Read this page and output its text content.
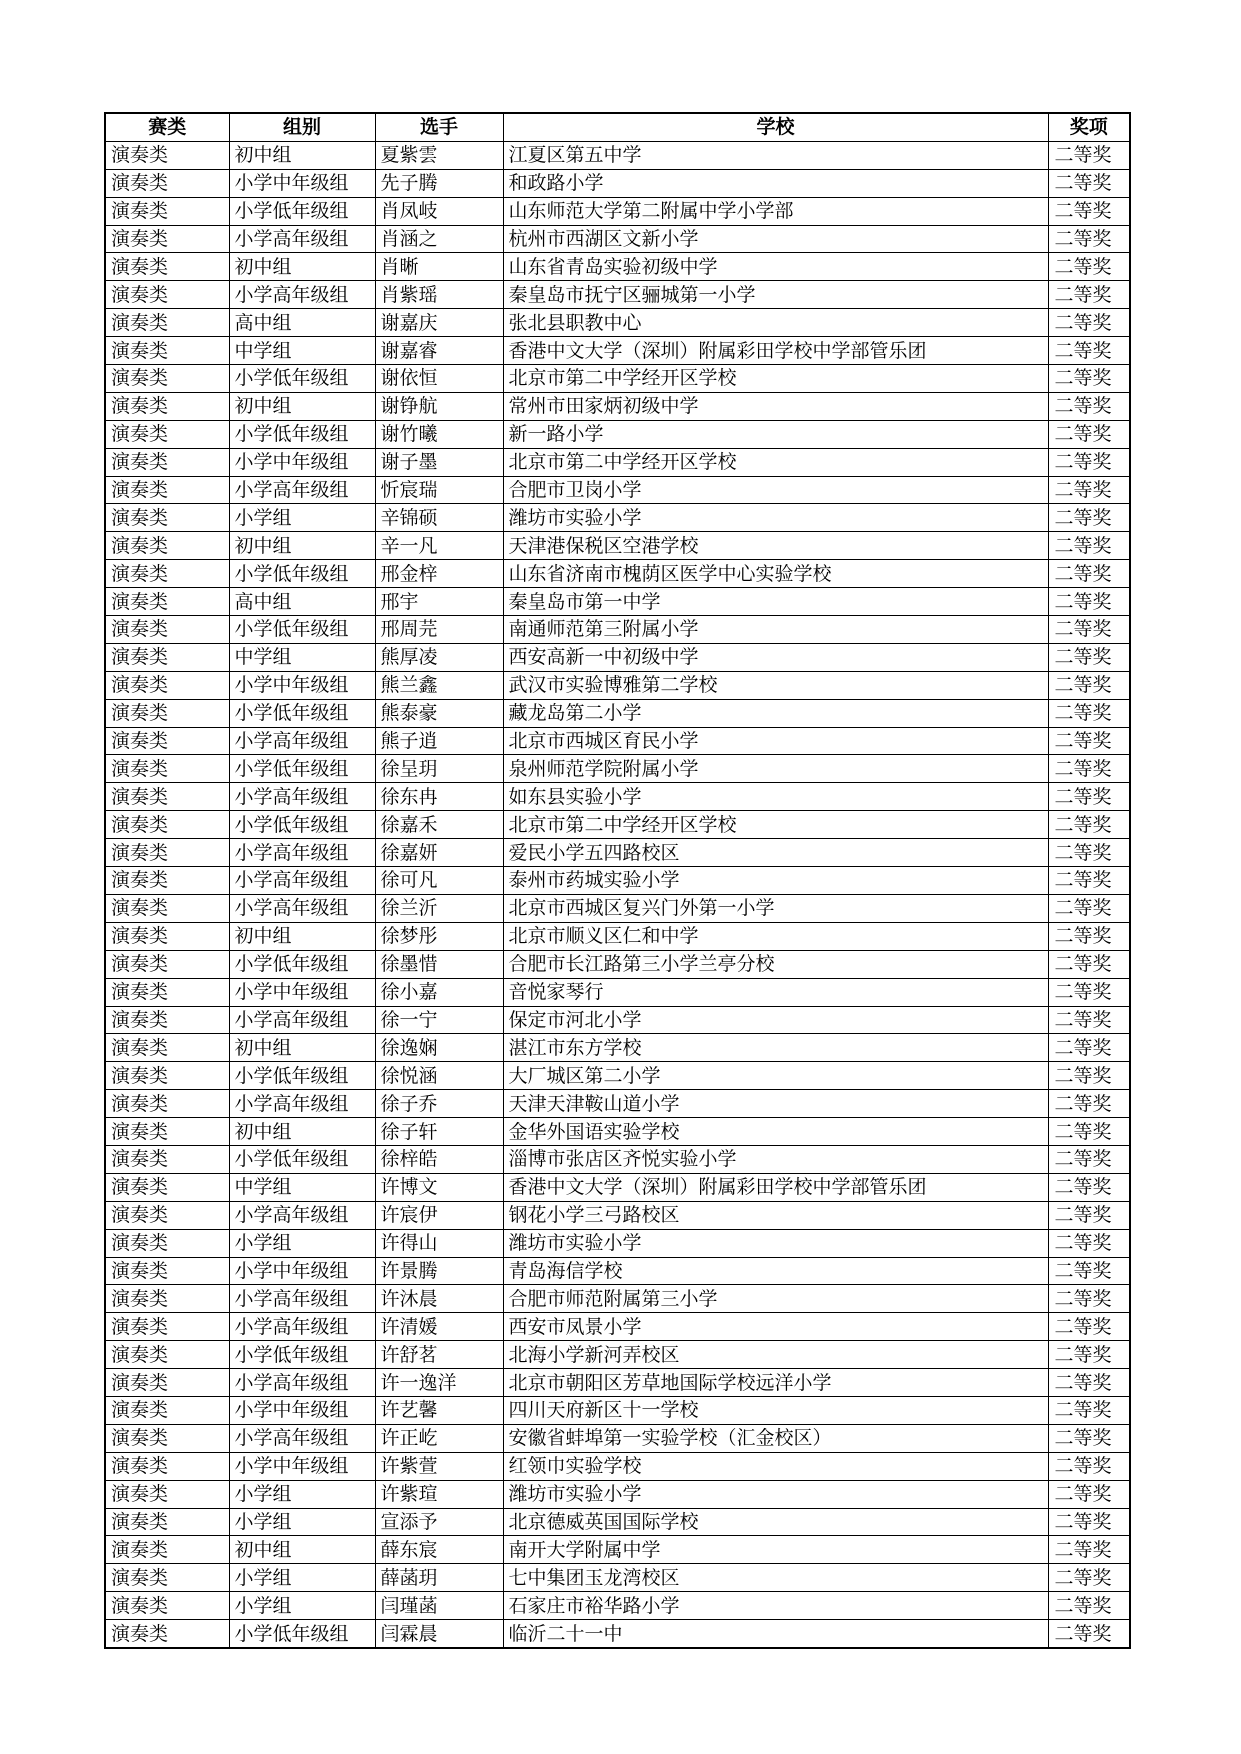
赛类	组别	选手	学校	奖项
演奏类	初中组	夏紫雲	江夏区第五中学	二等奖
演奏类	小学中年级组	先子腾	和政路小学	二等奖
演奏类	小学低年级组	肖凤岐	山东师范大学第二附属中学小学部	二等奖
演奏类	小学高年级组	肖涵之	杭州市西湖区文新小学	二等奖
演奏类	初中组	肖晰	山东省青岛实验初级中学	二等奖
演奏类	小学高年级组	肖紫瑶	秦皇岛市抚宁区骊城第一小学	二等奖
演奏类	高中组	谢嘉庆	张北县职教中心	二等奖
演奏类	中学组	谢嘉睿	香港中文大学（深圳）附属彩田学校中学部管乐团	二等奖
演奏类	小学低年级组	谢依恒	北京市第二中学经开区学校	二等奖
演奏类	初中组	谢铮航	常州市田家炳初级中学	二等奖
演奏类	小学低年级组	谢竹曦	新一路小学	二等奖
演奏类	小学中年级组	谢子墨	北京市第二中学经开区学校	二等奖
演奏类	小学高年级组	忻宸瑞	合肥市卫岗小学	二等奖
演奏类	小学组	辛锦硕	潍坊市实验小学	二等奖
演奏类	初中组	辛一凡	天津港保税区空港学校	二等奖
演奏类	小学低年级组	邢金梓	山东省济南市槐荫区医学中心实验学校	二等奖
演奏类	高中组	邢宇	秦皇岛市第一中学	二等奖
演奏类	小学低年级组	邢周芫	南通师范第三附属小学	二等奖
演奏类	中学组	熊厚凌	西安高新一中初级中学	二等奖
演奏类	小学中年级组	熊兰鑫	武汉市实验博雅第二学校	二等奖
演奏类	小学低年级组	熊泰豪	藏龙岛第二小学	二等奖
演奏类	小学高年级组	熊子逍	北京市西城区育民小学	二等奖
演奏类	小学低年级组	徐呈玥	泉州师范学院附属小学	二等奖
演奏类	小学高年级组	徐东冉	如东县实验小学	二等奖
演奏类	小学低年级组	徐嘉禾	北京市第二中学经开区学校	二等奖
演奏类	小学高年级组	徐嘉妍	爱民小学五四路校区	二等奖
演奏类	小学高年级组	徐可凡	泰州市药城实验小学	二等奖
演奏类	小学高年级组	徐兰沂	北京市西城区复兴门外第一小学	二等奖
演奏类	初中组	徐梦彤	北京市顺义区仁和中学	二等奖
演奏类	小学低年级组	徐墨惜	合肥市长江路第三小学兰亭分校	二等奖
演奏类	小学中年级组	徐小嘉	音悦家琴行	二等奖
演奏类	小学高年级组	徐一宁	保定市河北小学	二等奖
演奏类	初中组	徐逸娴	湛江市东方学校	二等奖
演奏类	小学低年级组	徐悦涵	大厂城区第二小学	二等奖
演奏类	小学高年级组	徐子乔	天津天津鞍山道小学	二等奖
演奏类	初中组	徐子轩	金华外国语实验学校	二等奖
演奏类	小学低年级组	徐梓皓	淄博市张店区齐悦实验小学	二等奖
演奏类	中学组	许博文	香港中文大学（深圳）附属彩田学校中学部管乐团	二等奖
演奏类	小学高年级组	许宸伊	钢花小学三弓路校区	二等奖
演奏类	小学组	许得山	潍坊市实验小学	二等奖
演奏类	小学中年级组	许景腾	青岛海信学校	二等奖
演奏类	小学高年级组	许沐晨	合肥市师范附属第三小学	二等奖
演奏类	小学高年级组	许清媛	西安市凤景小学	二等奖
演奏类	小学低年级组	许舒茗	北海小学新河弄校区	二等奖
演奏类	小学高年级组	许一逸洋	北京市朝阳区芳草地国际学校远洋小学	二等奖
演奏类	小学中年级组	许艺馨	四川天府新区十一学校	二等奖
演奏类	小学高年级组	许正屹	安徽省蚌埠第一实验学校（汇金校区）	二等奖
演奏类	小学中年级组	许紫萱	红领巾实验学校	二等奖
演奏类	小学组	许紫瑄	潍坊市实验小学	二等奖
演奏类	小学组	宣添予	北京德威英国国际学校	二等奖
演奏类	初中组	薛东宸	南开大学附属中学	二等奖
演奏类	小学组	薛菡玥	七中集团玉龙湾校区	二等奖
演奏类	小学组	闫瑾菡	石家庄市裕华路小学	二等奖
演奏类	小学低年级组	闫霖晨	临沂二十一中	二等奖
